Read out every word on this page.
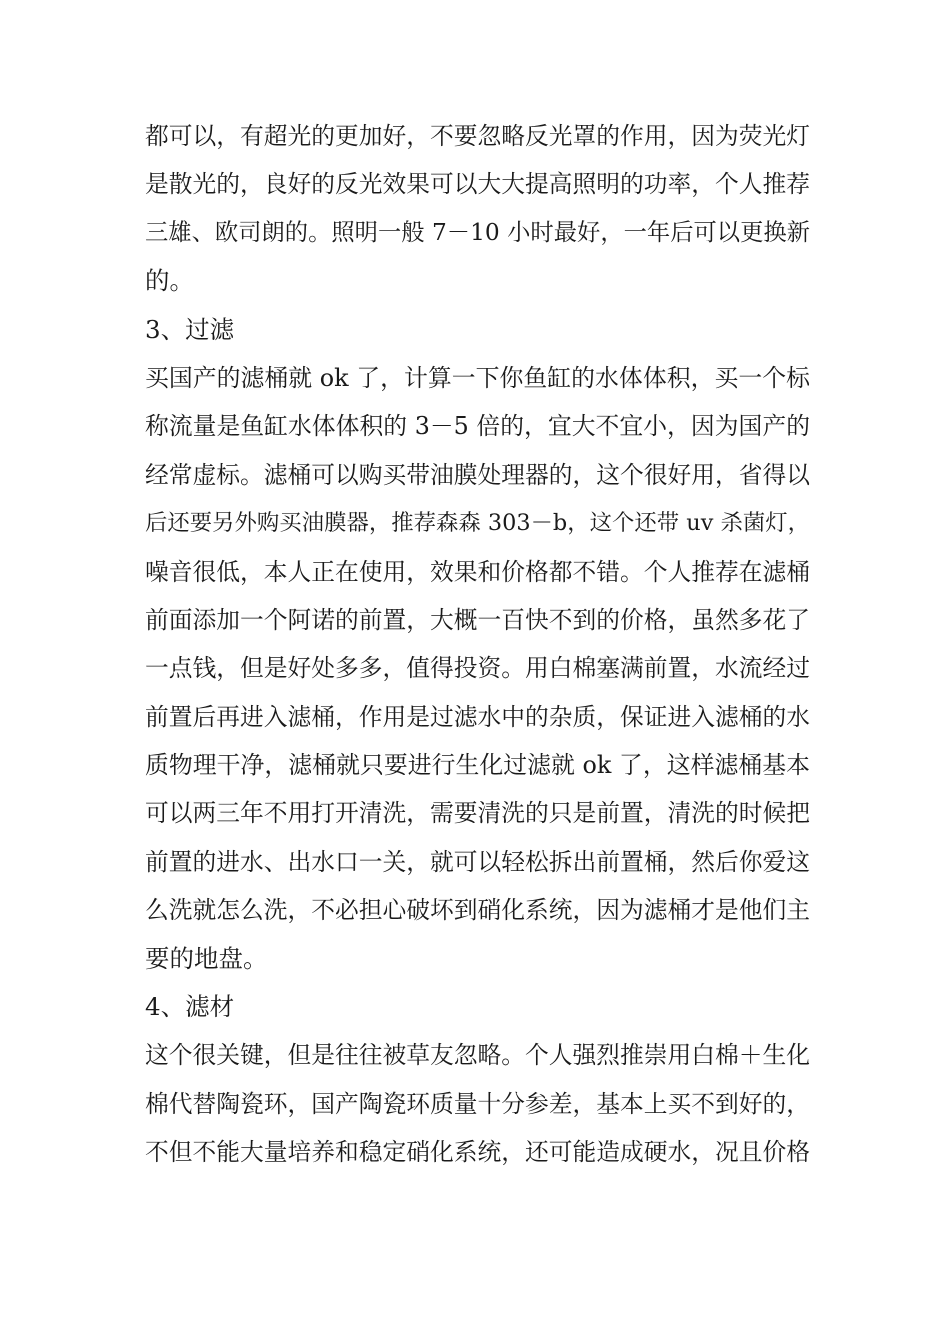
都可以，有超光的更加好，不要忽略反光罩的作用，因为荧光灯
是散光的，良好的反光效果可以大大提高照明的功率，个人推荐
三雄、欧司朗的。照明一般 7－10 小时最好，一年后可以更换新
的。
3、过滤
买国产的滤桶就 ok 了，计算一下你鱼缸的水体体积，买一个标
称流量是鱼缸水体体积的 3－5 倍的，宜大不宜小，因为国产的
经常虚标。滤桶可以购买带油膜处理器的，这个很好用，省得以
后还要另外购买油膜器，推荐森森 303－b，这个还带 uv 杀菌灯，
噪音很低，本人正在使用，效果和价格都不错。个人推荐在滤桶
前面添加一个阿诺的前置，大概一百快不到的价格，虽然多花了
一点钱，但是好处多多，值得投资。用白棉塞满前置，水流经过
前置后再进入滤桶，作用是过滤水中的杂质，保证进入滤桶的水
质物理干净，滤桶就只要进行生化过滤就 ok 了，这样滤桶基本
可以两三年不用打开清洗，需要清洗的只是前置，清洗的时候把
前置的进水、出水口一关，就可以轻松拆出前置桶，然后你爱这
么洗就怎么洗，不必担心破坏到硝化系统，因为滤桶才是他们主
要的地盘。
4、滤材
这个很关键，但是往往被草友忽略。个人强烈推崇用白棉＋生化
棉代替陶瓷环，国产陶瓷环质量十分参差，基本上买不到好的，
不但不能大量培养和稳定硝化系统，还可能造成硬水，况且价格
